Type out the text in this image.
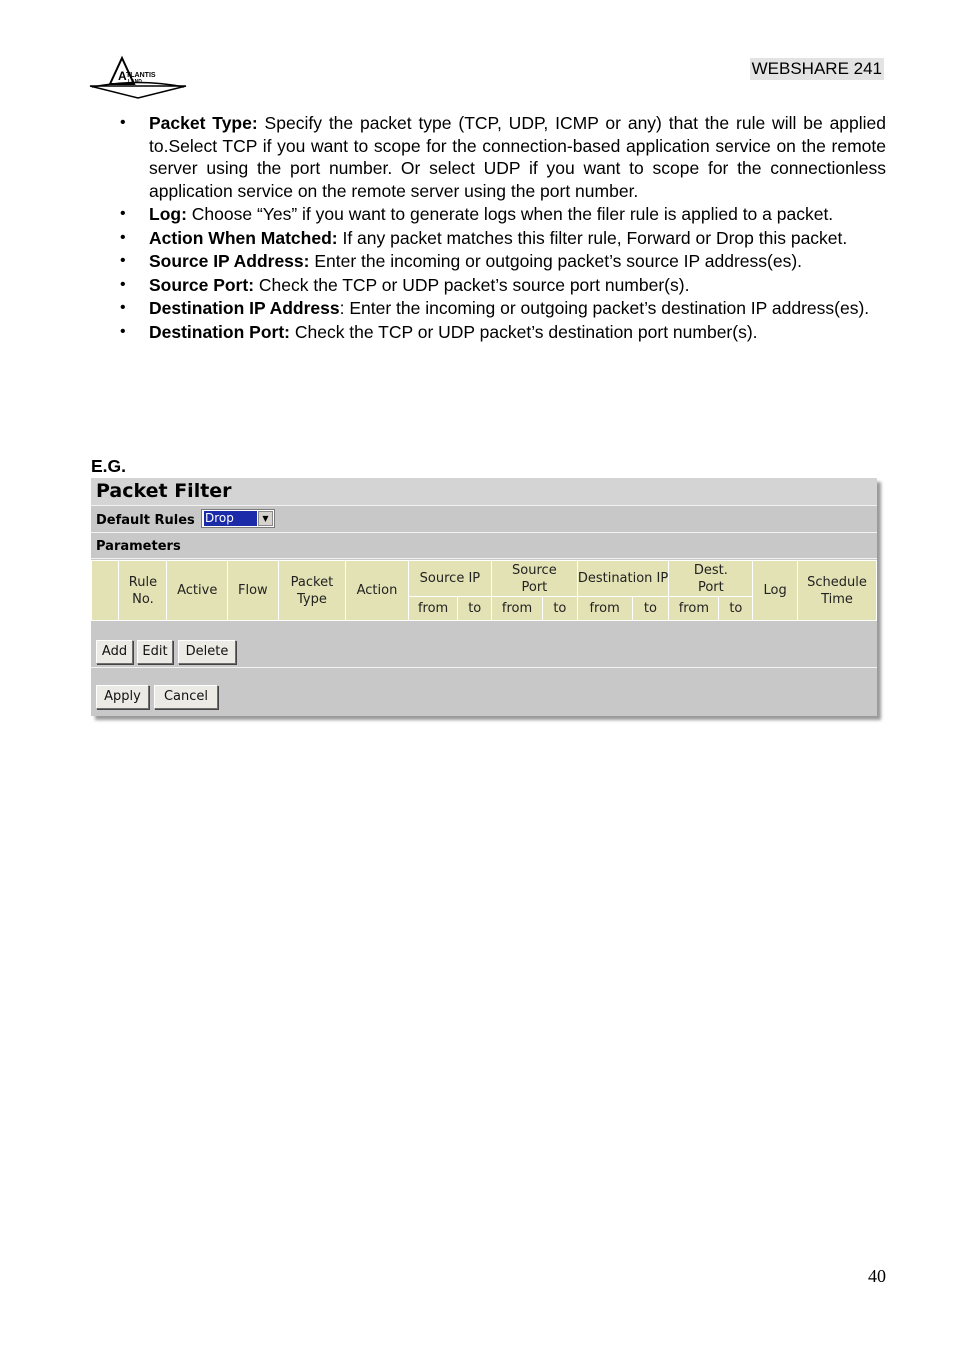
A TLANTIS
LAND
WEBSHARE 241
• Packet Type: Specify the packet type (TCP, UDP, ICMP or any) that the rule will be applied to.Select TCP if you want to scope for the connection-based application service on the remote server using the port number. Or select UDP if you want to scope for the connectionless application service on the remote server using the port number.
• Log: Choose “Yes” if you want to generate logs when the filer rule is applied to a packet.
• Action When Matched: If any packet matches this filter rule, Forward or Drop this packet.
• Source IP Address: Enter the incoming or outgoing packet’s source IP address(es).
• Source Port: Check the TCP or UDP packet’s source port number(s).
• Destination IP Address: Enter the incoming or outgoing packet’s destination IP address(es).
• Destination Port: Check the TCP or UDP packet’s destination port number(s).
E.G.
Packet Filter
Default Rules Drop	▼
Parameters
	Rule No.	Active	Flow	Packet Type	Action	Source IP		Source Port		Destination IP		Dest. Port		Log	Schedule Time
						from	to	from	to	from	to	from	to		
Add	Edit	Delete
Apply	Cancel
40
